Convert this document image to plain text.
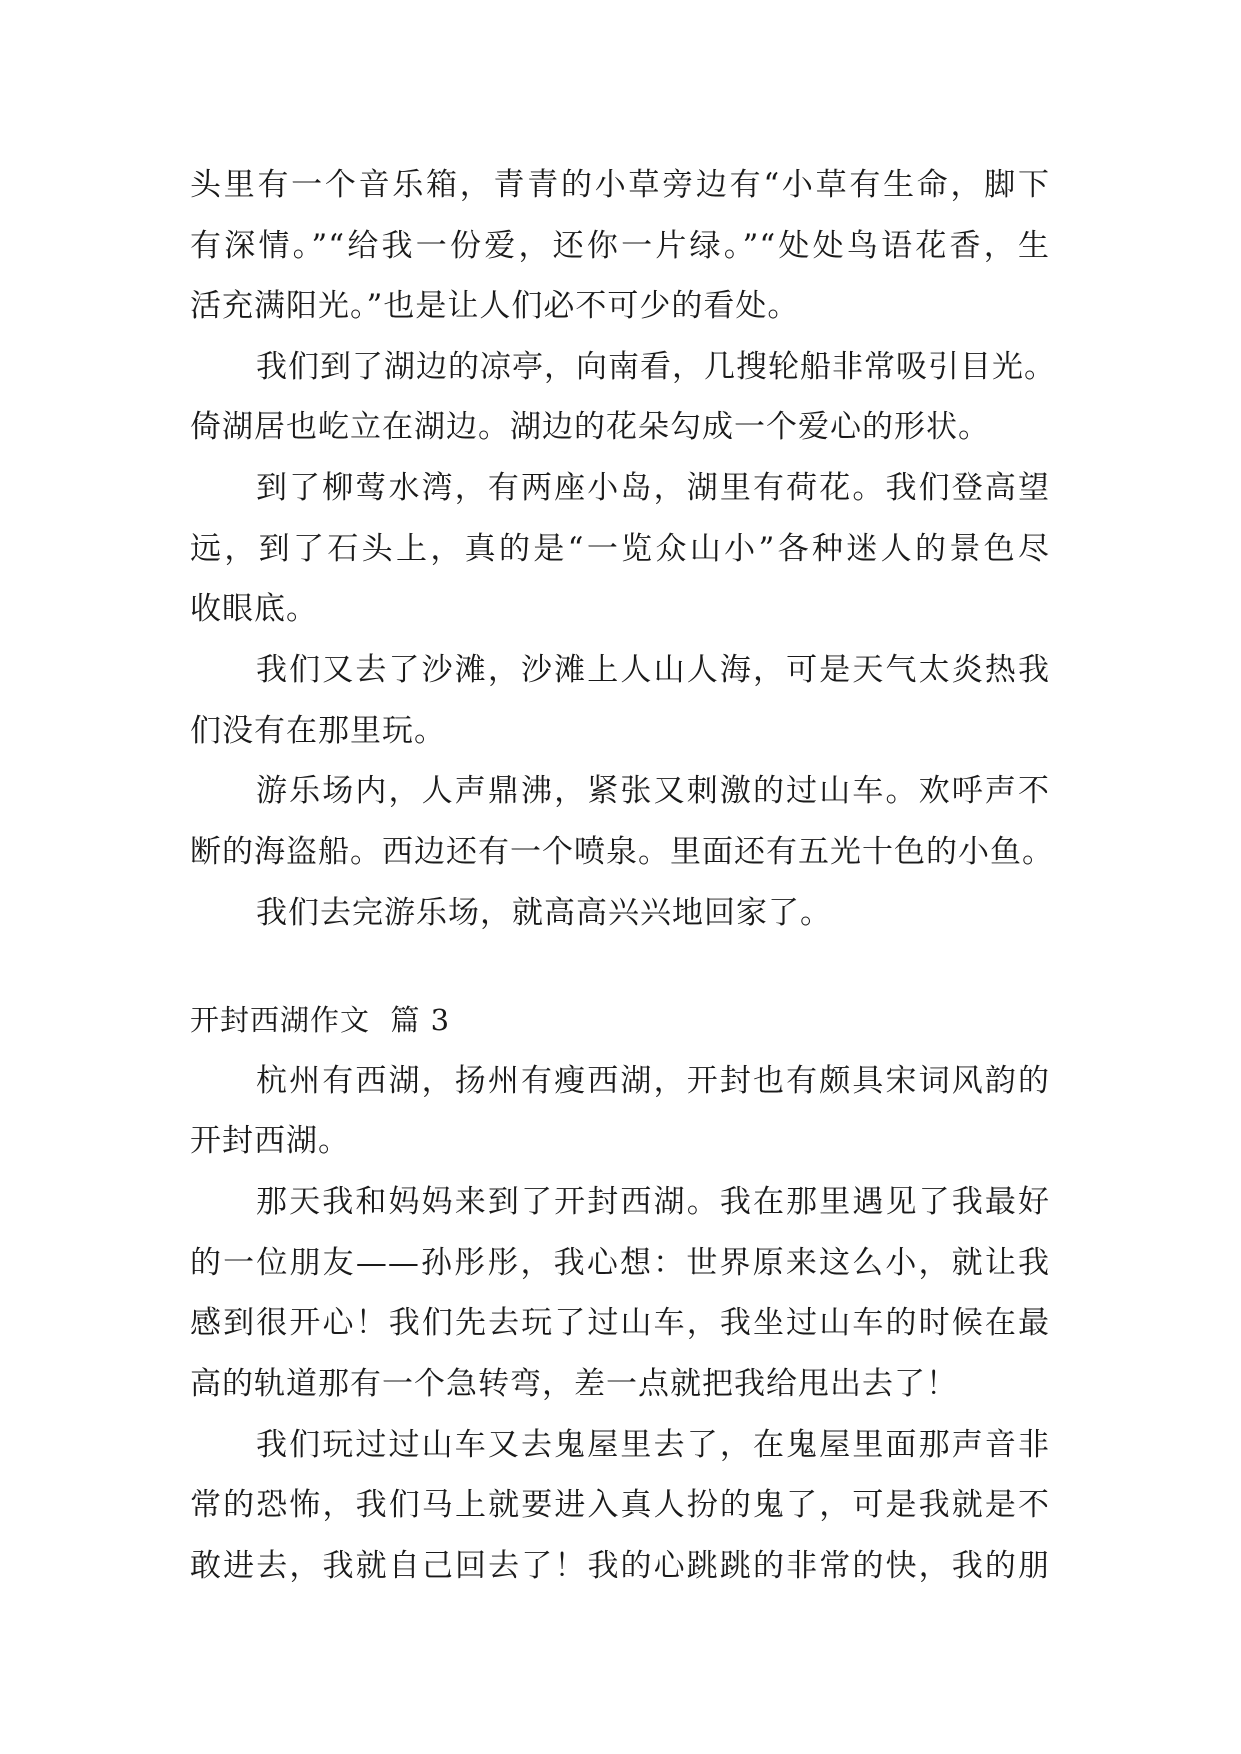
头里有一个音乐箱，青青的小草旁边有“小草有生命，脚下
有深情。”“给我一份爱，还你一片绿。”“处处鸟语花香，生
活充满阳光。”也是让人们必不可少的看处。
我们到了湖边的凉亭，向南看，几搜轮船非常吸引目光。
倚湖居也屹立在湖边。湖边的花朵勾成一个爱心的形状。
到了柳莺水湾，有两座小岛，湖里有荷花。我们登高望
远，到了石头上，真的是“一览众山小”各种迷人的景色尽
收眼底。
我们又去了沙滩，沙滩上人山人海，可是天气太炎热我
们没有在那里玩。
游乐场内，人声鼎沸，紧张又刺激的过山车。欢呼声不
断的海盗船。西边还有一个喷泉。里面还有五光十色的小鱼。
我们去完游乐场，就高高兴兴地回家了。
开封西湖作文  篇 3
杭州有西湖，扬州有瘦西湖，开封也有颇具宋词风韵的
开封西湖。
那天我和妈妈来到了开封西湖。我在那里遇见了我最好
的一位朋友——孙彤彤，我心想：世界原来这么小，就让我
感到很开心！我们先去玩了过山车，我坐过山车的时候在最
高的轨道那有一个急转弯，差一点就把我给甩出去了！
我们玩过过山车又去鬼屋里去了，在鬼屋里面那声音非
常的恐怖，我们马上就要进入真人扮的鬼了，可是我就是不
敢进去，我就自己回去了！我的心跳跳的非常的快，我的朋
